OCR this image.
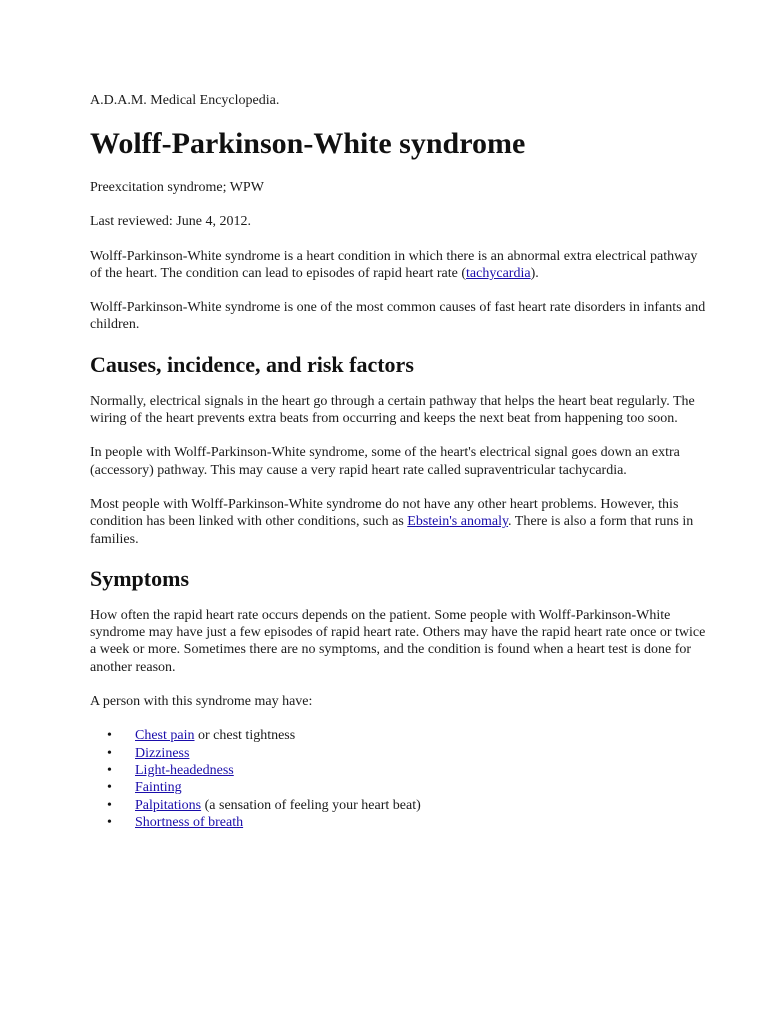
A.D.A.M. Medical Encyclopedia.

Wolff-Parkinson-White syndrome

Preexcitation syndrome; WPW

Last reviewed: June 4, 2012.

Wolff-Parkinson-White syndrome is a heart condition in which there is an abnormal extra electrical pathway of the heart. The condition can lead to episodes of rapid heart rate (tachycardia).

Wolff-Parkinson-White syndrome is one of the most common causes of fast heart rate disorders in infants and children.

Causes, incidence, and risk factors

Normally, electrical signals in the heart go through a certain pathway that helps the heart beat regularly. The wiring of the heart prevents extra beats from occurring and keeps the next beat from happening too soon.

In people with Wolff-Parkinson-White syndrome, some of the heart's electrical signal goes down an extra (accessory) pathway. This may cause a very rapid heart rate called supraventricular tachycardia.

Most people with Wolff-Parkinson-White syndrome do not have any other heart problems. However, this condition has been linked with other conditions, such as Ebstein's anomaly. There is also a form that runs in families.

Symptoms

How often the rapid heart rate occurs depends on the patient. Some people with Wolff-Parkinson-White syndrome may have just a few episodes of rapid heart rate. Others may have the rapid heart rate once or twice a week or more. Sometimes there are no symptoms, and the condition is found when a heart test is done for another reason.

A person with this syndrome may have:

• Chest pain or chest tightness
• Dizziness
• Light-headedness
• Fainting
• Palpitations (a sensation of feeling your heart beat)
• Shortness of breath
